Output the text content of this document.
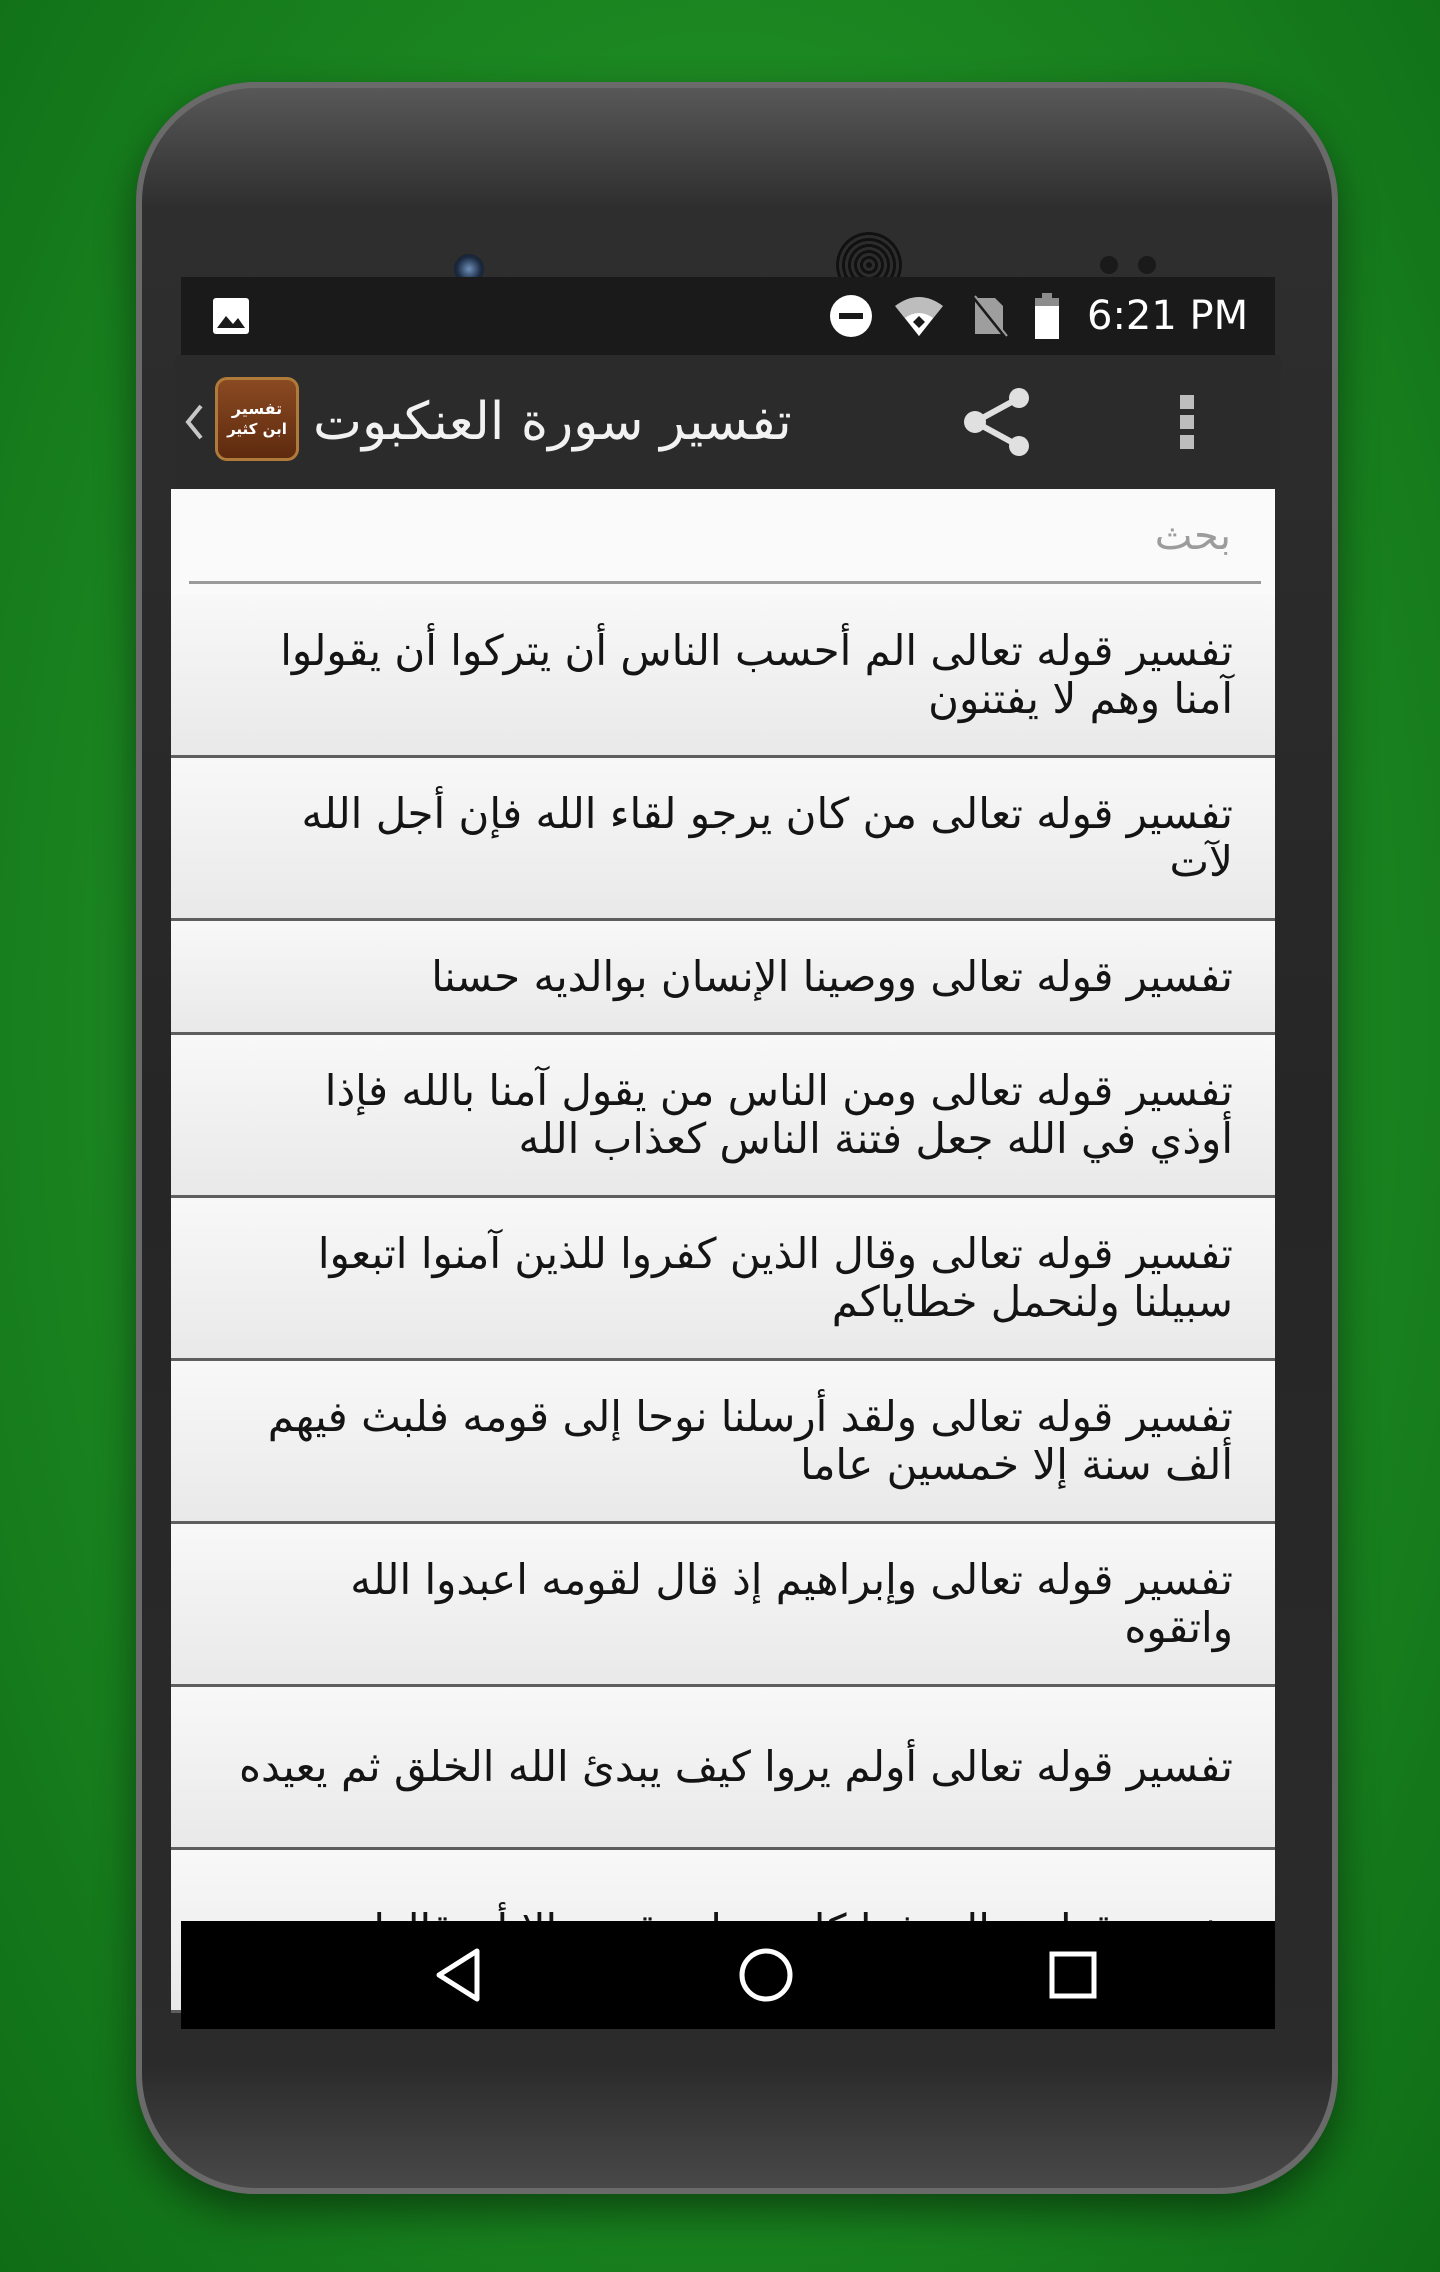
6:21 PM
تفسير
ابن كثير تفسير سورة العنكبوت
بحث
تفسير قوله تعالى الم أحسب الناس أن يتركوا أن يقولوا آمنا وهم لا يفتنون
تفسير قوله تعالى من كان يرجو لقاء الله فإن أجل الله لآت
تفسير قوله تعالى ووصينا الإنسان بوالديه حسنا
تفسير قوله تعالى ومن الناس من يقول آمنا بالله فإذا أوذي في الله جعل فتنة الناس كعذاب الله
تفسير قوله تعالى وقال الذين كفروا للذين آمنوا اتبعوا سبيلنا ولنحمل خطاياكم
تفسير قوله تعالى ولقد أرسلنا نوحا إلى قومه فلبث فيهم ألف سنة إلا خمسين عاما
تفسير قوله تعالى وإبراهيم إذ قال لقومه اعبدوا الله واتقوه
تفسير قوله تعالى أولم يروا كيف يبدئ الله الخلق ثم يعيده
